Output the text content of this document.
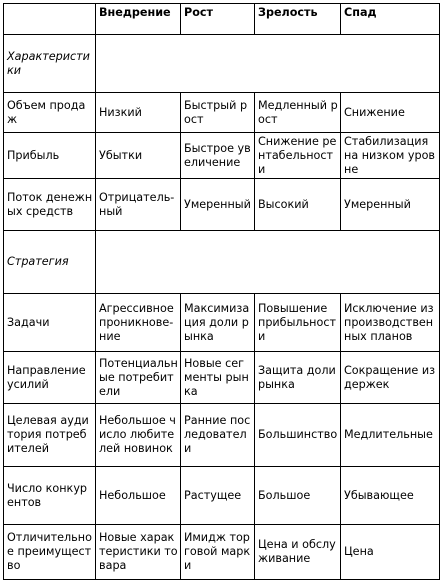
	Внедрение	Рост	Зрелость	Спад
Характеристики				
Объем продаж	Низкий	Быстрый рост	Медленный рост	Снижение
Прибыль	Убытки	Быстрое увеличение	Снижение рентабельности	Стабилизация на низком уровне
Поток денежных средств	Отрицатель-ный	Умеренный	Высокий	Умеренный
Стратегия				
Задачи	Агрессивное проникнове-ние	Максимизация доли рынка	Повышение прибыльности	Исключение из производственных планов
Направление усилий	Потенциальные потребители	Новые сегменты рынка	Защита доли рынка	Сокращение издержек
Целевая аудитория потребителей	Небольшое число любителей новинок	Ранние последователи	Большинство	Медлительные
Число конкурентов	Небольшое	Растущее	Большое	Убывающее
Отличительное преимущество	Новые характеристики товара	Имидж торговой марки	Цена и обслуживание	Цена
